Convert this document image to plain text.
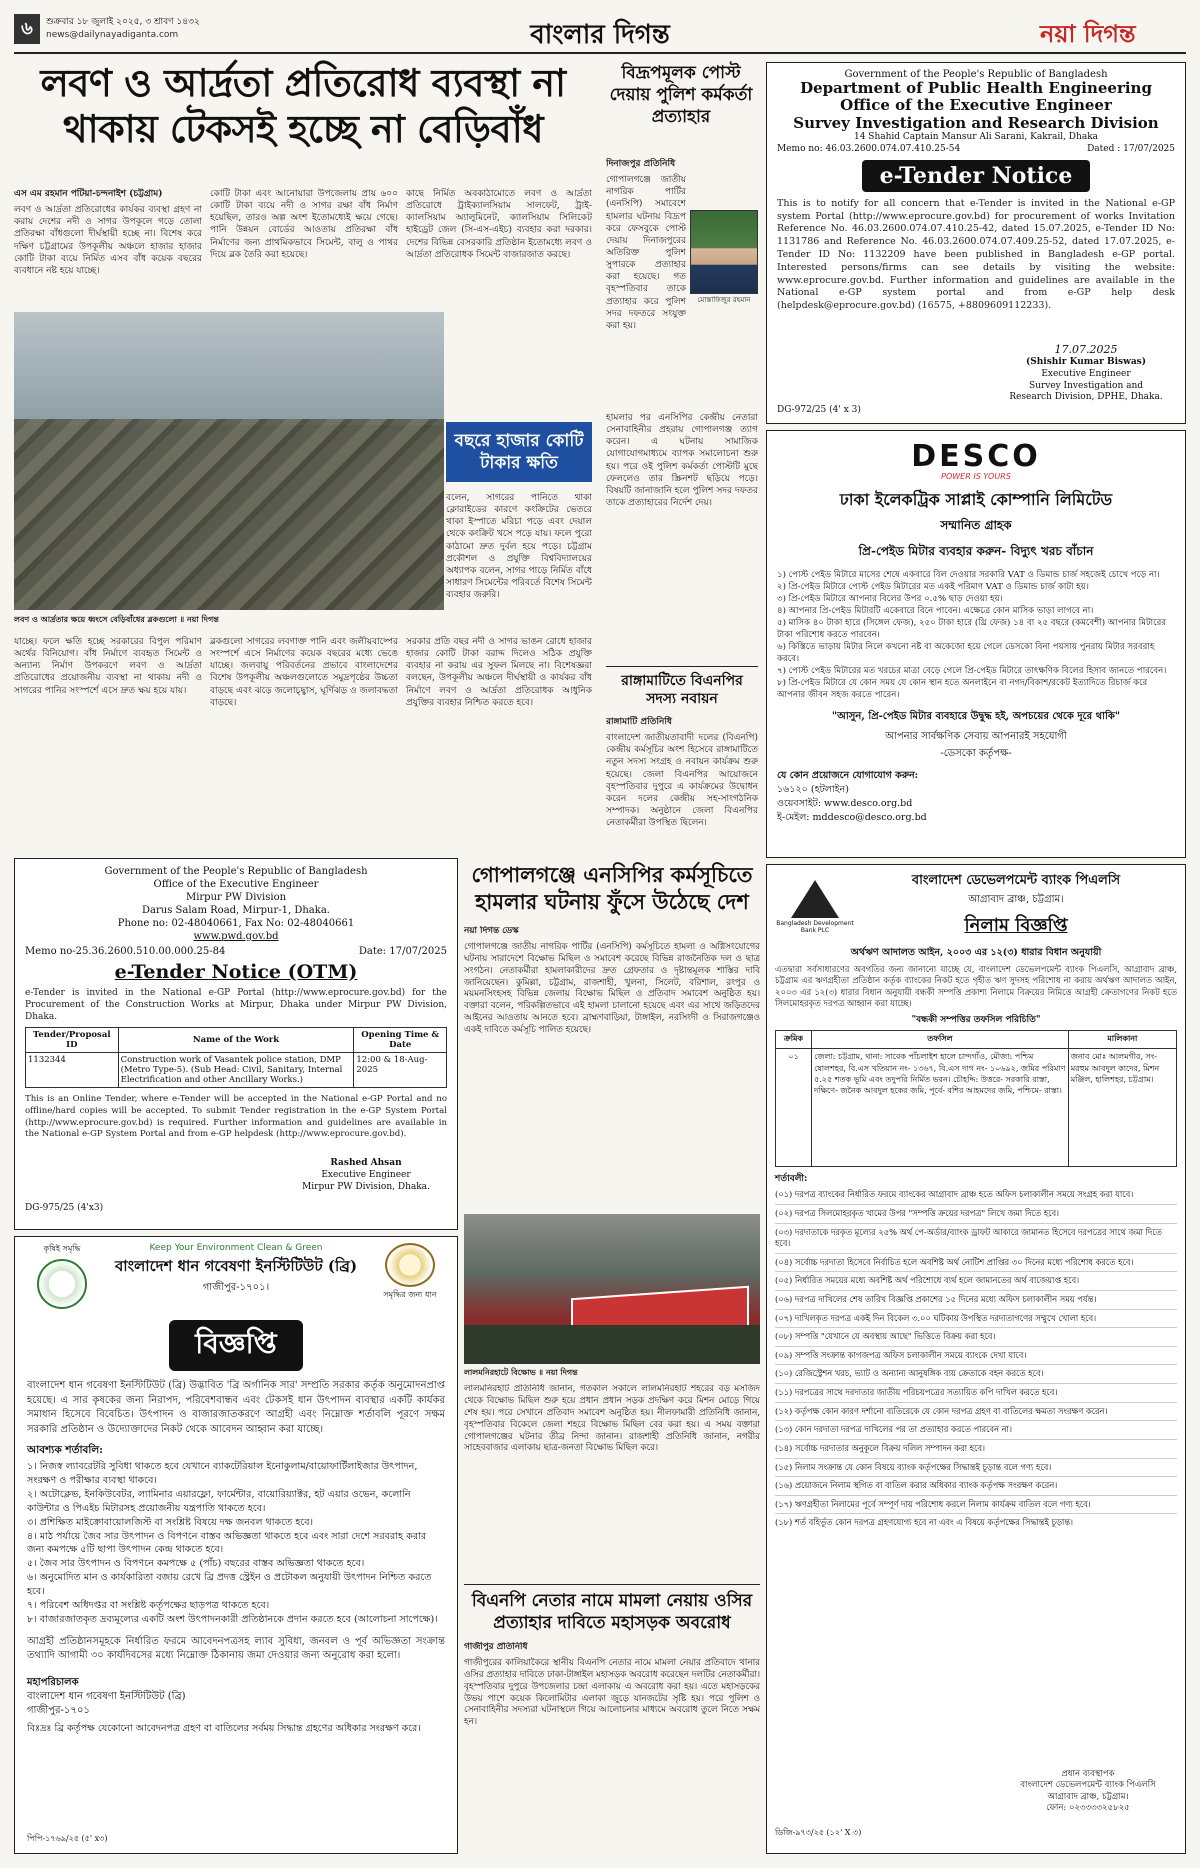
৬	শুক্রবার ১৮ জুলাই ২০২৫, ৩ শ্রাবণ ১৪৩২
news@dailynayadiganta.com	বাংলার দিগন্ত	নয়া দিগন্ত
লবণ ও আর্দ্রতা প্রতিরোধ ব্যবস্থা না থাকায় টেকসই হচ্ছে না বেড়িবাঁধ

এস এম রহমান পটিয়া-চন্দনাইশ (চট্টগ্রাম)

লবণ ও আর্দ্রতা প্রতিরোধের কার্যকর ব্যবস্থা গ্রহণ না করায় দেশের নদী ও সাগর উপকূলে গড়ে তোলা প্রতিরক্ষা বাঁধগুলো দীর্ঘস্থায়ী হচ্ছে না। বিশেষ করে দক্ষিণ চট্টগ্রামের উপকূলীয় অঞ্চলে হাজার হাজার কোটি টাকা ব্যয়ে নির্মিত এসব বাঁধ কয়েক বছরের ব্যবধানে নষ্ট হয়ে যাচ্ছে।

কোটি টাকা এবং আনোয়ারা উপজেলায় প্রায় ৬০০ কোটি টাকা ব্যয়ে নদী ও সাগর রক্ষা বাঁধ নির্মাণ হয়েছিল, তারও অল্প অংশ ইতোমধ্যেই ক্ষয়ে গেছে। পানি উন্নয়ন বোর্ডের আওতায় প্রতিরক্ষা বাঁধ নির্মাণের জন্য প্রাথমিকভাবে সিমেন্ট, বালু ও পাথর দিয়ে ব্লক তৈরি করা হয়েছে।

কাছে নির্মিত অবকাঠামোতে লবণ ও আর্দ্রতা প্রতিরোধে ট্রাইক্যালসিয়াম সালফেট, ট্রাই-ক্যালসিয়াম অ্যালুমিনেট, ক্যালসিয়াম সিলিকেট হাইড্রেট জেল (সি-এস-এইচ) ব্যবহার করা দরকার। দেশের বিভিন্ন বেসরকারি প্রতিষ্ঠান ইতোমধ্যে লবণ ও আর্দ্রতা প্রতিরোধক সিমেন্ট বাজারজাত করছে।

লবণ ও আর্দ্রতার ক্ষয়ে ধ্বংসে বেড়িবাঁধের ব্লকগুলো ॥ নয়া দিগন্ত
বছরে হাজার কোটি টাকার ক্ষতি

বলেন, সাগরের পানিতে থাকা ক্লোরাইডের কারণে কংক্রিটের ভেতরে থাকা ইস্পাতে মরিচা পড়ে এবং দেয়াল থেকে কংক্রিট খসে পড়ে যায়। ফলে পুরো কাঠামো দ্রুত দুর্বল হয়ে পড়ে। চট্টগ্রাম প্রকৌশল ও প্রযুক্তি বিশ্ববিদ্যালয়ের অধ্যাপক বলেন, সাগর পাড়ে নির্মিত বাঁধে সাধারণ সিমেন্টের পরিবর্তে বিশেষ সিমেন্ট ব্যবহার জরুরি।

যাচ্ছে। ফলে ক্ষতি হচ্ছে সরকারের বিপুল পরিমাণ অর্থের বিনিয়োগ। বাঁধ নির্মাণে ব্যবহৃত সিমেন্ট ও অন্যান্য নির্মাণ উপকরণে লবণ ও আর্দ্রতা প্রতিরোধের প্রয়োজনীয় ব্যবস্থা না থাকায় নদী ও সাগরের পানির সংস্পর্শে এসে দ্রুত ক্ষয় হয়ে যায়।

ব্লকগুলো সাগরের লবণাক্ত পানি এবং জলীয়বাষ্পের সংস্পর্শে এসে নির্মাণের কয়েক বছরের মধ্যে ভেঙে যাচ্ছে। জলবায়ু পরিবর্তনের প্রভাবে বাংলাদেশের বিশেষ উপকূলীয় অঞ্চলগুলোতে সমুদ্রপৃষ্ঠের উচ্চতা বাড়ছে এবং ঝড়ে জলোচ্ছ্বাস, ঘূর্ণিঝড় ও জলাবদ্ধতা বাড়ছে।

সরকার প্রতি বছর নদী ও সাগর ভাঙন রোধে হাজার হাজার কোটি টাকা বরাদ্দ দিলেও সঠিক প্রযুক্তি ব্যবহার না করায় এর সুফল মিলছে না। বিশেষজ্ঞরা বলছেন, উপকূলীয় অঞ্চলে দীর্ঘস্থায়ী ও কার্যকর বাঁধ নির্মাণে লবণ ও আর্দ্রতা প্রতিরোধক আধুনিক প্রযুক্তির ব্যবহার নিশ্চিত করতে হবে।

বিদ্রূপমূলক পোস্ট দেয়ায় পুলিশ কর্মকর্তা প্রত্যাহার

দিনাজপুর প্রতিনিধি

গোপালগঞ্জে জাতীয় নাগরিক পার্টির (এনসিপি) সমাবেশে হামলার ঘটনায় বিদ্রূপ করে ফেসবুকে পোস্ট দেয়ায় দিনাজপুরের অতিরিক্ত পুলিশ সুপারকে প্রত্যাহার করা হয়েছে। গত বৃহস্পতিবার তাকে প্রত্যাহার করে পুলিশ সদর দফতরে সংযুক্ত করা হয়।

মোস্তাফিজুর রহমান

হামলার পর এনসিপির কেন্দ্রীয় নেতারা সেনাবাহিনীর প্রহরায় গোপালগঞ্জ ত্যাগ করেন। এ ঘটনায় সামাজিক যোগাযোগমাধ্যমে ব্যাপক সমালোচনা শুরু হয়। পরে ওই পুলিশ কর্মকর্তা পোস্টটি মুছে ফেললেও তার স্ক্রিনশট ছড়িয়ে পড়ে। বিষয়টি জানাজানি হলে পুলিশ সদর দফতর তাকে প্রত্যাহারের নির্দেশ দেয়।

রাঙ্গামাটিতে বিএনপির সদস্য নবায়ন

রাঙ্গামাটি প্রতিনিধি

বাংলাদেশ জাতীয়তাবাদী দলের (বিএনপি) কেন্দ্রীয় কর্মসূচির অংশ হিসেবে রাঙ্গামাটিতে নতুন সদস্য সংগ্রহ ও নবায়ন কার্যক্রম শুরু হয়েছে। জেলা বিএনপির আয়োজনে বৃহস্পতিবার দুপুরে এ কার্যক্রমের উদ্বোধন করেন দলের কেন্দ্রীয় সহ-সাংগঠনিক সম্পাদক। অনুষ্ঠানে জেলা বিএনপির নেতাকর্মীরা উপস্থিত ছিলেন।

Government of the People's Republic of Bangladesh
Department of Public Health Engineering
Office of the Executive Engineer
Survey Investigation and Research Division
14 Shahid Captain Mansur Ali Sarani, Kakrail, Dhaka
Memo no: 46.03.2600.074.07.410.25-54	Dated : 17/07/2025
e-Tender Notice
This is to notify for all concern that e-Tender is invited in the National e-GP system Portal (http://www.eprocure.gov.bd) for procurement of works Invitation Reference No. 46.03.2600.074.07.410.25-42, dated 15.07.2025, e-Tender ID No: 1131786 and Reference No. 46.03.2600.074.07.409.25-52, dated 17.07.2025, e-Tender ID No: 1132209 have been published in Bangladesh e-GP portal. Interested persons/firms can see details by visiting the website: www.eprocure.gov.bd. Further information and guidelines are available in the National e-GP system portal and from e-GP help desk (helpdesk@eprocure.gov.bd) (16575, +8809609112233).
17.07.2025
(Shishir Kumar Biswas)
Executive Engineer
Survey Investigation and
Research Division, DPHE, Dhaka.
DG-972/25 (4' x 3)
DESCO
POWER IS YOURS
ঢাকা ইলেকট্রিক সাপ্লাই কোম্পানি লিমিটেড
সম্মানিত গ্রাহক
প্রি-পেইড মিটার ব্যবহার করুন- বিদ্যুৎ খরচ বাঁচান
১) পোস্ট পেইড মিটারে মাসের শেষে একবারে বিল দেওয়ার সরকারি VAT ও ডিমান্ড চার্জ সহজেই চোখে পড়ে না।
২) প্রি-পেইড মিটারে পোস্ট পেইড মিটারের মত একই পরিমাণ VAT ও ডিমান্ড চার্জ কাটা হয়।
৩) প্রি-পেইড মিটারে আপনার বিলের উপর ০.৫% ছাড় দেওয়া হয়।
৪) আপনার প্রি-পেইড মিটারটি একেবারে বিনে পাবেন। এক্ষেত্রে কোন মাসিক ভাড়া লাগবে না।
৫) মাসিক ৪০ টাকা হারে (সিঙ্গেল ফেজ), ২৫০ টাকা হারে (থ্রি ফেজ) ১৪ বা ২৫ বছরে (কমবেশী) আপনার মিটারের টাকা পরিশোধ করতে পারবেন।
৬) কিস্তিতে ভাড়ায় মিটার নিলে কখনো নষ্ট বা অকেজো হয়ে গেলে ডেসকো বিনা পয়সায় পুনরায় মিটার সরবরাহ করবে।
৭) পোস্ট পেইড মিটারের মত খরচের মাত্রা বেড়ে গেলে প্রি-পেইড মিটারে তাৎক্ষণিক বিলের হিসাব জানতে পারবেন।
৮) প্রি-পেইড মিটারে যে কোন সময় যে কোন স্থান হতে অনলাইনে বা নগদ/বিকাশ/রকেট ইত্যাদিতে রিচার্জ করে আপনার জীবন সহজ করতে পারেন।
"আসুন, প্রি-পেইড মিটার ব্যবহারে উদ্বুদ্ধ হই, অপচয়ের থেকে দূরে থাকি"
আপনার সার্বক্ষণিক সেবায় আপনারই সহযোগী
-ডেসকো কর্তৃপক্ষ-
যে কোন প্রয়োজনে যোগাযোগ করুন:
১৬১২০ (হটলাইন)
ওয়েবসাইট: www.desco.org.bd
ই-মেইল: mddesco@desco.org.bd
Government of the People's Republic of Bangladesh
Office of the Executive Engineer
Mirpur PW Division
Darus Salam Road, Mirpur-1, Dhaka.
Phone no: 02-48040661, Fax No: 02-48040661
www.pwd.gov.bd
Memo no-25.36.2600.510.00.000.25-84	Date: 17/07/2025
e-Tender Notice (OTM)
e-Tender is invited in the National e-GP Portal (http://www.eprocure.gov.bd) for the Procurement of the Construction Works at Mirpur, Dhaka under Mirpur PW Division, Dhaka.
Tender/Proposal ID	Name of the Work	Opening Time & Date
1132344	Construction work of Vasantek police station, DMP (Metro Type-5). (Sub Head: Civil, Sanitary, Internal Electrification and other Ancillary Works.)	12:00 & 18-Aug-2025
This is an Online Tender, where e-Tender will be accepted in the National e-GP Portal and no offline/hard copies will be accepted. To submit Tender registration in the e-GP System Portal (http://www.eprocure.gov.bd) is required. Further information and guidelines are available in the National e-GP System Portal and from e-GP helpdesk (http://www.eprocure.gov.bd).
Rashed Ahsan
Executive Engineer
Mirpur PW Division, Dhaka.
DG-975/25 (4'x3)
কৃষিই সমৃদ্ধি	Keep Your Environment Clean & Green
বাংলাদেশ ধান গবেষণা ইনস্টিটিউট (ব্রি)
গাজীপুর-১৭০১।
সমৃদ্ধির জন্য ধান
বিজ্ঞপ্তি
বাংলাদেশ ধান গবেষণা ইনস্টিটিউট (ব্রি) উদ্ভাবিত 'ব্রি অর্গানিক সার' সম্প্রতি সরকার কর্তৃক অনুমোদনপ্রাপ্ত হয়েছে। এ সার কৃষকের জন্য নিরাপদ, পরিবেশবান্ধব এবং টেকসই ধান উৎপাদন ব্যবস্থার একটি কার্যকর সমাধান হিসেবে বিবেচিত। উৎপাদন ও বাজারজাতকরণে আগ্রহী এবং নিম্নোক্ত শর্তাবলি পূরণে সক্ষম সরকারি প্রতিষ্ঠান ও উদ্যোক্তাদের নিকট থেকে আবেদন আহ্বান করা যাচ্ছে।
আবশ্যক শর্তাবলি:
১। নিজস্ব ল্যাবরেটরি সুবিধা থাকতে হবে যেখানে ব্যাকটেরিয়াল ইনোকুলাম/বায়োফার্টিলাইজার উৎপাদন, সংরক্ষণ ও পরীক্ষার ব্যবস্থা থাকবে।
২। অটোক্লেভ, ইনকিউবেটর, ল্যামিনার এয়ারফ্লো, ফার্মেন্টার, বায়োরিয়্যাক্টর, হট এয়ার ওভেন, কলোনি কাউন্টার ও পিএইচ মিটারসহ প্রয়োজনীয় যন্ত্রপাতি থাকতে হবে।
৩। প্রশিক্ষিত মাইক্রোবায়োলজিস্ট বা সংশ্লিষ্ট বিষয়ে দক্ষ জনবল থাকতে হবে।
৪। মাঠ পর্যায়ে জৈব সার উৎপাদন ও বিপণনে বাস্তব অভিজ্ঞতা থাকতে হবে এবং সারা দেশে সরবরাহ করার জন্য কমপক্ষে ৫টি ছাপা উৎপাদন কেন্দ্র থাকতে হবে।
৫। জৈব সার উৎপাদন ও বিপণনে কমপক্ষে ৫ (পাঁচ) বছরের বাস্তব অভিজ্ঞতা থাকতে হবে।
৬। অনুমোদিত মান ও কার্যকারিতা বজায় রেখে ব্রি প্রদত্ত স্ট্রেইন ও প্রটোকল অনুযায়ী উৎপাদন নিশ্চিত করতে হবে।
৭। পরিবেশ অধিদপ্তর বা সংশ্লিষ্ট কর্তৃপক্ষের ছাড়পত্র থাকতে হবে।
৮। বাজারজাতকৃত দ্রব্যমূল্যের একটি অংশ উৎপাদনকারী প্রতিষ্ঠানকে প্রদান করতে হবে (আলোচনা সাপেক্ষে)।
আগ্রহী প্রতিষ্ঠানসমূহকে নির্ধারিত ফরমে আবেদনপত্রসহ ল্যাব সুবিধা, জনবল ও পূর্ব অভিজ্ঞতা সংক্রান্ত তথ্যাদি আগামী ৩০ কার্যদিবসের মধ্যে নিম্নোক্ত ঠিকানায় জমা দেওয়ার জন্য অনুরোধ করা হলো।
মহাপরিচালক
বাংলাদেশ ধান গবেষণা ইনস্টিটিউট (ব্রি)
গাজীপুর-১৭০১
বিঃদ্রঃ ব্রি কর্তৃপক্ষ যেকোনো আবেদনপত্র গ্রহণ বা বাতিলের সর্বময় সিদ্ধান্ত গ্রহণের অধিকার সংরক্ষণ করে।
পিপি-১৭৬৯/২৫ (৫' x৩)
গোপালগঞ্জে এনসিপির কর্মসূচিতে হামলার ঘটনায় ফুঁসে উঠেছে দেশ

নয়া দিগন্ত ডেস্ক

গোপালগঞ্জে জাতীয় নাগরিক পার্টির (এনসিপি) কর্মসূচিতে হামলা ও অগ্নিসংযোগের ঘটনায় সারাদেশে বিক্ষোভ মিছিল ও সমাবেশ করেছে বিভিন্ন রাজনৈতিক দল ও ছাত্র সংগঠন। নেতাকর্মীরা হামলাকারীদের দ্রুত গ্রেফতার ও দৃষ্টান্তমূলক শাস্তির দাবি জানিয়েছেন। কুমিল্লা, চট্টগ্রাম, রাজশাহী, খুলনা, সিলেট, বরিশাল, রংপুর ও ময়মনসিংহসহ বিভিন্ন জেলায় বিক্ষোভ মিছিল ও প্রতিবাদ সমাবেশ অনুষ্ঠিত হয়। বক্তারা বলেন, পরিকল্পিতভাবে এই হামলা চালানো হয়েছে এবং এর সাথে জড়িতদের আইনের আওতায় আনতে হবে। ব্রাহ্মণবাড়িয়া, টাঙ্গাইল, নরসিংদী ও সিরাজগঞ্জেও একই দাবিতে কর্মসূচি পালিত হয়েছে।

লালমনিরহাটে বিক্ষোভ ॥ নয়া দিগন্ত

লালমনিরহাট প্রতিনিধি জানান, গতকাল সকালে লালমনিরহাট শহরের বড় মসজিদ থেকে বিক্ষোভ মিছিল শুরু হয়ে প্রধান প্রধান সড়ক প্রদক্ষিণ করে মিশন মোড়ে গিয়ে শেষ হয়। পরে সেখানে প্রতিবাদ সমাবেশ অনুষ্ঠিত হয়। নীলফামারী প্রতিনিধি জানান, বৃহস্পতিবার বিকেলে জেলা শহরে বিক্ষোভ মিছিল বের করা হয়। এ সময় বক্তারা গোপালগঞ্জের ঘটনার তীব্র নিন্দা জানান। রাজশাহী প্রতিনিধি জানান, নগরীর সাহেববাজার এলাকায় ছাত্র-জনতা বিক্ষোভ মিছিল করে।

বিএনপি নেতার নামে মামলা নেয়ায় ওসির প্রত্যাহার দাবিতে মহাসড়ক অবরোধ

গাজীপুর প্রতিনিধি

গাজীপুরের কালিয়াকৈরে স্থানীয় বিএনপি নেতার নামে মামলা নেয়ার প্রতিবাদে থানার ওসির প্রত্যাহার দাবিতে ঢাকা-টাঙ্গাইল মহাসড়ক অবরোধ করেছেন দলটির নেতাকর্মীরা। বৃহস্পতিবার দুপুরে উপজেলার চন্দ্রা এলাকায় এ অবরোধ করা হয়। এতে মহাসড়কের উভয় পাশে কয়েক কিলোমিটার এলাকা জুড়ে যানজটের সৃষ্টি হয়। পরে পুলিশ ও সেনাবাহিনীর সদস্যরা ঘটনাস্থলে গিয়ে আলোচনার মাধ্যমে অবরোধ তুলে নিতে সক্ষম হন।

Bangladesh Development Bank PLC
বাংলাদেশ ডেভেলপমেন্ট ব্যাংক পিএলসি
আগ্রাবাদ ব্রাঞ্চ, চট্টগ্রাম।
নিলাম বিজ্ঞপ্তি
অর্থঋণ আদালত আইন, ২০০৩ এর ১২(৩) ধারার বিধান অনুযায়ী
এতদ্বারা সর্বসাধারণের অবগতির জন্য জানানো যাচ্ছে যে, বাংলাদেশ ডেভেলপমেন্ট ব্যাংক পিএলসি, আগ্রাবাদ ব্রাঞ্চ, চট্টগ্রাম এর ঋণগ্রহীতা প্রতিষ্ঠান কর্তৃক ব্যাংকের নিকট হতে গৃহীত ঋণ সুদসহ পরিশোধ না করায় অর্থঋণ আদালত আইন, ২০০৩ এর ১২(৩) ধারার বিধান অনুযায়ী বন্ধকী সম্পত্তি প্রকাশ্য নিলামে বিক্রয়ের নিমিত্তে আগ্রহী ক্রেতাগণের নিকট হতে সিলমোহরকৃত দরপত্র আহ্বান করা যাচ্ছে।
"বন্ধকী সম্পত্তির তফসিল পরিচিতি"
ক্রমিক	তফসিল	মালিকানা
০১	জেলা: চট্টগ্রাম, থানা: সাবেক পাঁচলাইশ হালে চান্দগাঁও, মৌজা: পশ্চিম ষোলশহর, বি.এস খতিয়ান নং- ১৩৬৭, বি.এস দাগ নং- ১০৬৯২, জমির পরিমাণ ৫.২৫ শতক ভূমি এবং তদুপরি নির্মিত ভবন। চৌহদ্দি: উত্তরে- সরকারি রাস্তা, দক্ষিণে- জনৈক আবদুল হকের জমি, পূর্বে- বশির আহমদের জমি, পশ্চিমে- রাস্তা।	জনাব মোঃ আলমগীর, সং- মরহুম আবদুল কাদের, মিশন মঞ্জিল, হালিশহর, চট্টগ্রাম।
শর্তাবলী:
(০১) দরপত্র ব্যাংকের নির্ধারিত ফরমে ব্যাংকের আগ্রাবাদ ব্রাঞ্চ হতে অফিস চলাকালীন সময়ে সংগ্রহ করা যাবে।
(০২) দরপত্র সিলমোহরকৃত খামের উপর "সম্পত্তি ক্রয়ের দরপত্র" লিখে জমা দিতে হবে।
(০৩) দরদাতাকে দরকৃত মূল্যের ২৫% অর্থ পে-অর্ডার/ব্যাংক ড্রাফট আকারে জামানত হিসেবে দরপত্রের সাথে জমা দিতে হবে।
(০৪) সর্বোচ্চ দরদাতা হিসেবে নির্বাচিত হলে অবশিষ্ট অর্থ নোটিশ প্রাপ্তির ৩০ দিনের মধ্যে পরিশোধ করতে হবে।
(০৫) নির্ধারিত সময়ের মধ্যে অবশিষ্ট অর্থ পরিশোধে ব্যর্থ হলে জামানতের অর্থ বাজেয়াপ্ত হবে।
(০৬) দরপত্র দাখিলের শেষ তারিখ বিজ্ঞপ্তি প্রকাশের ১৫ দিনের মধ্যে অফিস চলাকালীন সময় পর্যন্ত।
(০৭) দাখিলকৃত দরপত্র একই দিন বিকেল ৩.০০ ঘটিকায় উপস্থিত দরদাতাগণের সম্মুখে খোলা হবে।
(০৮) সম্পত্তি "যেখানে যে অবস্থায় আছে" ভিত্তিতে বিক্রয় করা হবে।
(০৯) সম্পত্তি সংক্রান্ত কাগজপত্র অফিস চলাকালীন সময়ে ব্যাংকে দেখা যাবে।
(১০) রেজিস্ট্রেশন খরচ, ভ্যাট ও অন্যান্য আনুষঙ্গিক ব্যয় ক্রেতাকে বহন করতে হবে।
(১১) দরপত্রের সাথে দরদাতার জাতীয় পরিচয়পত্রের সত্যায়িত কপি দাখিল করতে হবে।
(১২) কর্তৃপক্ষ কোন কারণ দর্শানো ব্যতিরেকে যে কোন দরপত্র গ্রহণ বা বাতিলের ক্ষমতা সংরক্ষণ করেন।
(১৩) কোন দরদাতা দরপত্র দাখিলের পর তা প্রত্যাহার করতে পারবেন না।
(১৪) সর্বোচ্চ দরদাতার অনুকূলে বিক্রয় দলিল সম্পাদন করা হবে।
(১৫) নিলাম সংক্রান্ত যে কোন বিষয়ে ব্যাংক কর্তৃপক্ষের সিদ্ধান্তই চূড়ান্ত বলে গণ্য হবে।
(১৬) প্রয়োজনে নিলাম স্থগিত বা বাতিল করার অধিকার ব্যাংক কর্তৃপক্ষ সংরক্ষণ করেন।
(১৭) ঋণগ্রহীতা নিলামের পূর্বে সম্পূর্ণ দায় পরিশোধ করলে নিলাম কার্যক্রম বাতিল বলে গণ্য হবে।
(১৮) শর্ত বহির্ভূত কোন দরপত্র গ্রহণযোগ্য হবে না এবং এ বিষয়ে কর্তৃপক্ষের সিদ্ধান্তই চূড়ান্ত।
প্রধান ব্যবস্থাপক
বাংলাদেশ ডেভেলপমেন্ট ব্যাংক পিএলসি
আগ্রাবাদ ব্রাঞ্চ, চট্টগ্রাম।
ফোন: ০২৩৩৩৩২৫৮২৫
ডিজি-৯৭৩/২৫ (১২' X ৩)
